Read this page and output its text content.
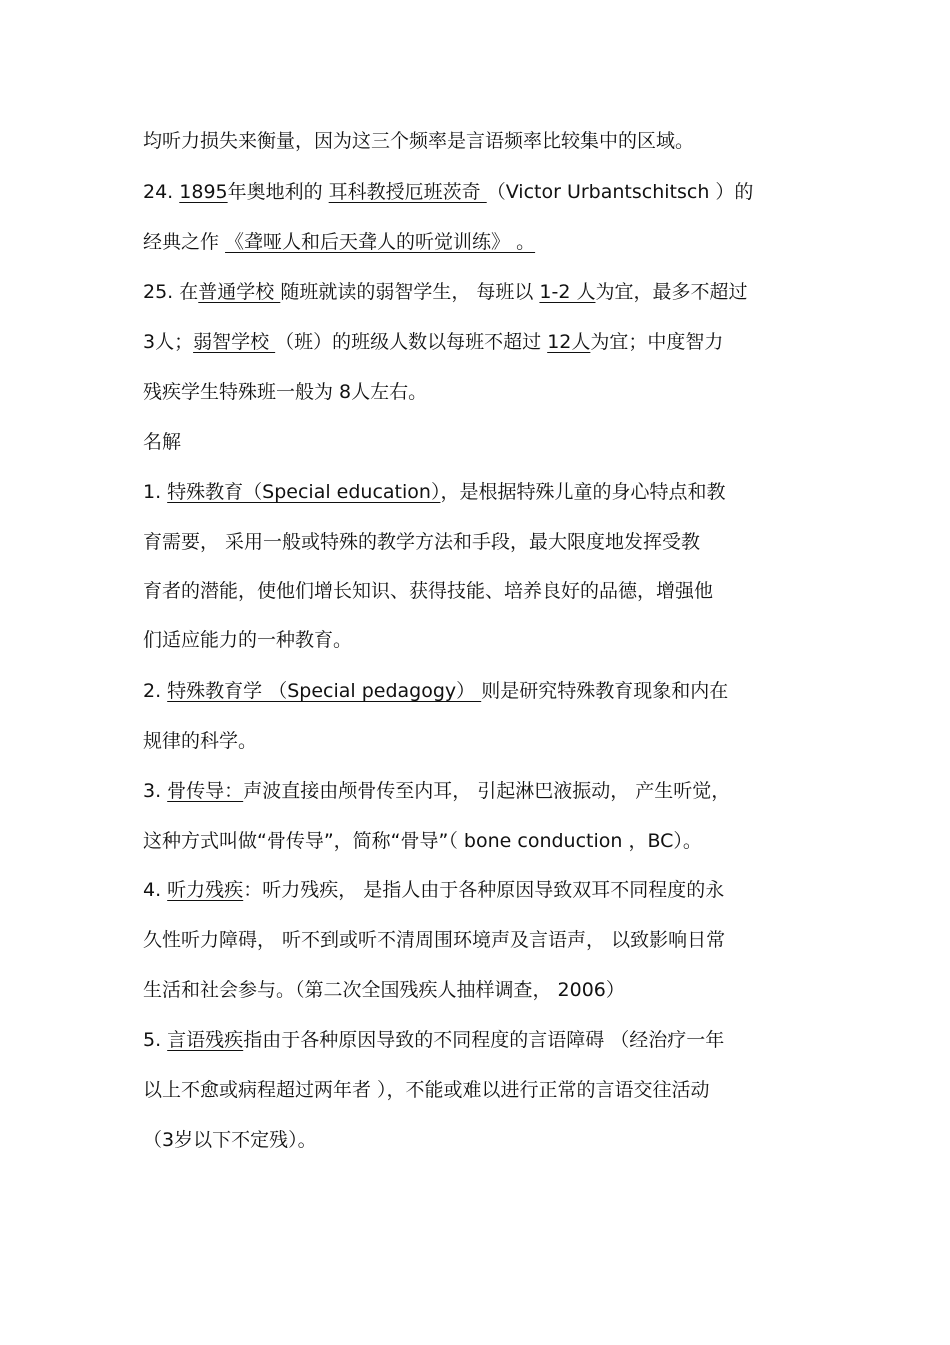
均听力损失来衡量，因为这三个频率是言语频率比较集中的区域。
24. 1895年奥地利的 耳科教授厄班茨奇 （Victor Urbantschitsch ）的
经典之作 《聋哑人和后天聋人的听觉训练》 。
25. 在普通学校 随班就读的弱智学生， 每班以 1-2 人为宜，最多不超过
3人；弱智学校 （班）的班级人数以每班不超过 12人为宜；中度智力
残疾学生特殊班一般为 8人左右。
名解
1. 特殊教育（Special education），是根据特殊儿童的身心特点和教
育需要， 采用一般或特殊的教学方法和手段，最大限度地发挥受教
育者的潜能，使他们增长知识、获得技能、培养良好的品德，增强他
们适应能力的一种教育。
2. 特殊教育学 （Special pedagogy） 则是研究特殊教育现象和内在
规律的科学。
3. 骨传导：声波直接由颅骨传至内耳， 引起淋巴液振动， 产生听觉，
这种方式叫做“骨传导”，简称“骨导”（ bone conduction ，BC）。
4. 听力残疾：听力残疾， 是指人由于各种原因导致双耳不同程度的永
久性听力障碍， 听不到或听不清周围环境声及言语声， 以致影响日常
生活和社会参与。（第二次全国残疾人抽样调查， 2006）
5. 言语残疾指由于各种原因导致的不同程度的言语障碍 （经治疗一年
以上不愈或病程超过两年者 ），不能或难以进行正常的言语交往活动
（3岁以下不定残）。
